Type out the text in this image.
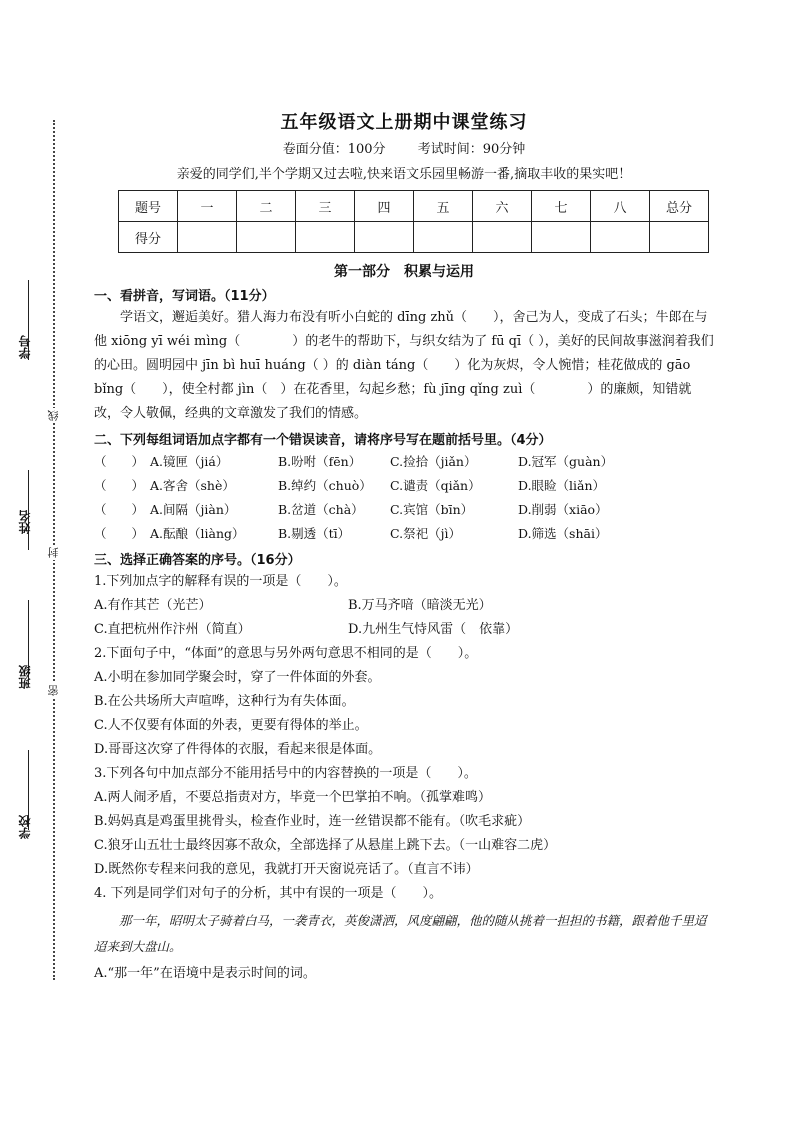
学号
姓名
班级
学校
线
封
密
五年级语文上册期中课堂练习
卷面分值：100分 考试时间：90分钟
亲爱的同学们,半个学期又过去啦,快来语文乐园里畅游一番,摘取丰收的果实吧！
题号	一	二	三	四	五	六	七	八	总分
得分									
第一部分　积累与运用
一、看拼音，写词语。（11分）

学语文，邂逅美好。猎人海力布没有听小白蛇的 dīng zhǔ（　　），舍己为人，变成了石头；牛郎在与他 xiōng yī wéi mìng（　　　　）的老牛的帮助下，与织女结为了 fū qī（ ），美好的民间故事滋润着我们的心田。圆明园中 jīn bì huī huáng（ ）的 diàn táng（　　）化为灰烬，令人惋惜；桂花做成的 gāo　bǐng（　　），使全村都 jìn（　）在花香里，勾起乡愁；fù jīng qǐng zuì（　　　　）的廉颇，知错就改，令人敬佩，经典的文章激发了我们的情感。

二、下列每组词语加点字都有一个错误读音，请将序号写在题前括号里。（4分）
（　　） A.镜匣（jiá）	B.吩咐（fēn）	C.捡拾（jiǎn）	D.冠军（guàn）
（　　） A.客舍（shè）	B.绰约（chuò）	C.谴责（qiǎn）	D.眼睑（liǎn）
（　　） A.间隔（jiàn）	B.岔道（chà）	C.宾馆（bīn）	D.削弱（xiāo）
（　　） A.酝酿（liàng）	B.剔透（tī）	C.祭祀（jì）	D.筛选（shāi）
三、选择正确答案的序号。（16分）
1.下列加点字的解释有误的一项是（　　）。
A.有作其芒（光芒）	B.万马齐喑（暗淡无光）
C.直把杭州作汴州（简直）	D.九州生气恃风雷（　依靠）
2.下面句子中，“体面”的意思与另外两句意思不相同的是（　　）。
A.小明在参加同学聚会时，穿了一件体面的外套。
B.在公共场所大声喧哗，这种行为有失体面。
C.人不仅要有体面的外表，更要有得体的举止。
D.哥哥这次穿了件得体的衣服，看起来很是体面。
3.下列各句中加点部分不能用括号中的内容替换的一项是（　　）。
A.两人闹矛盾，不要总指责对方，毕竟一个巴掌拍不响。（孤掌难鸣）
B.妈妈真是鸡蛋里挑骨头，检查作业时，连一丝错误都不能有。（吹毛求疵）
C.狼牙山五壮士最终因寡不敌众，全部选择了从悬崖上跳下去。（一山难容二虎）
D.既然你专程来问我的意见，我就打开天窗说亮话了。（直言不讳）
4. 下列是同学们对句子的分析，其中有误的一项是（　　）。

那一年，昭明太子骑着白马，一袭青衣，英俊潇洒，风度翩翩，他的随从挑着一担担的书籍，跟着他千里迢迢来到大盘山。

A.“那一年”在语境中是表示时间的词。
